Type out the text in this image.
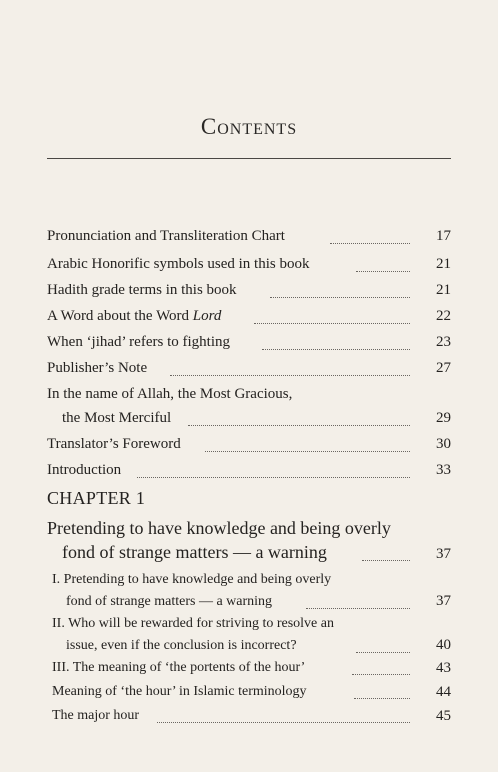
Contents
Pronunciation and Transliteration Chart	17
Arabic Honorific symbols used in this book	21
Hadith grade terms in this book	21
A Word about the Word Lord	22
When ‘jihad’ refers to fighting	23
Publisher’s Note	27
In the name of Allah, the Most Gracious,
the Most Merciful	29
Translator’s Foreword	30
Introduction	33
CHAPTER 1
Pretending to have knowledge and being overly
fond of strange matters — a warning	37
I. Pretending to have knowledge and being overly
fond of strange matters — a warning	37
II. Who will be rewarded for striving to resolve an
issue, even if the conclusion is incorrect?	40
III. The meaning of ‘the portents of the hour’	43
Meaning of ‘the hour’ in Islamic terminology	44
The major hour	45
